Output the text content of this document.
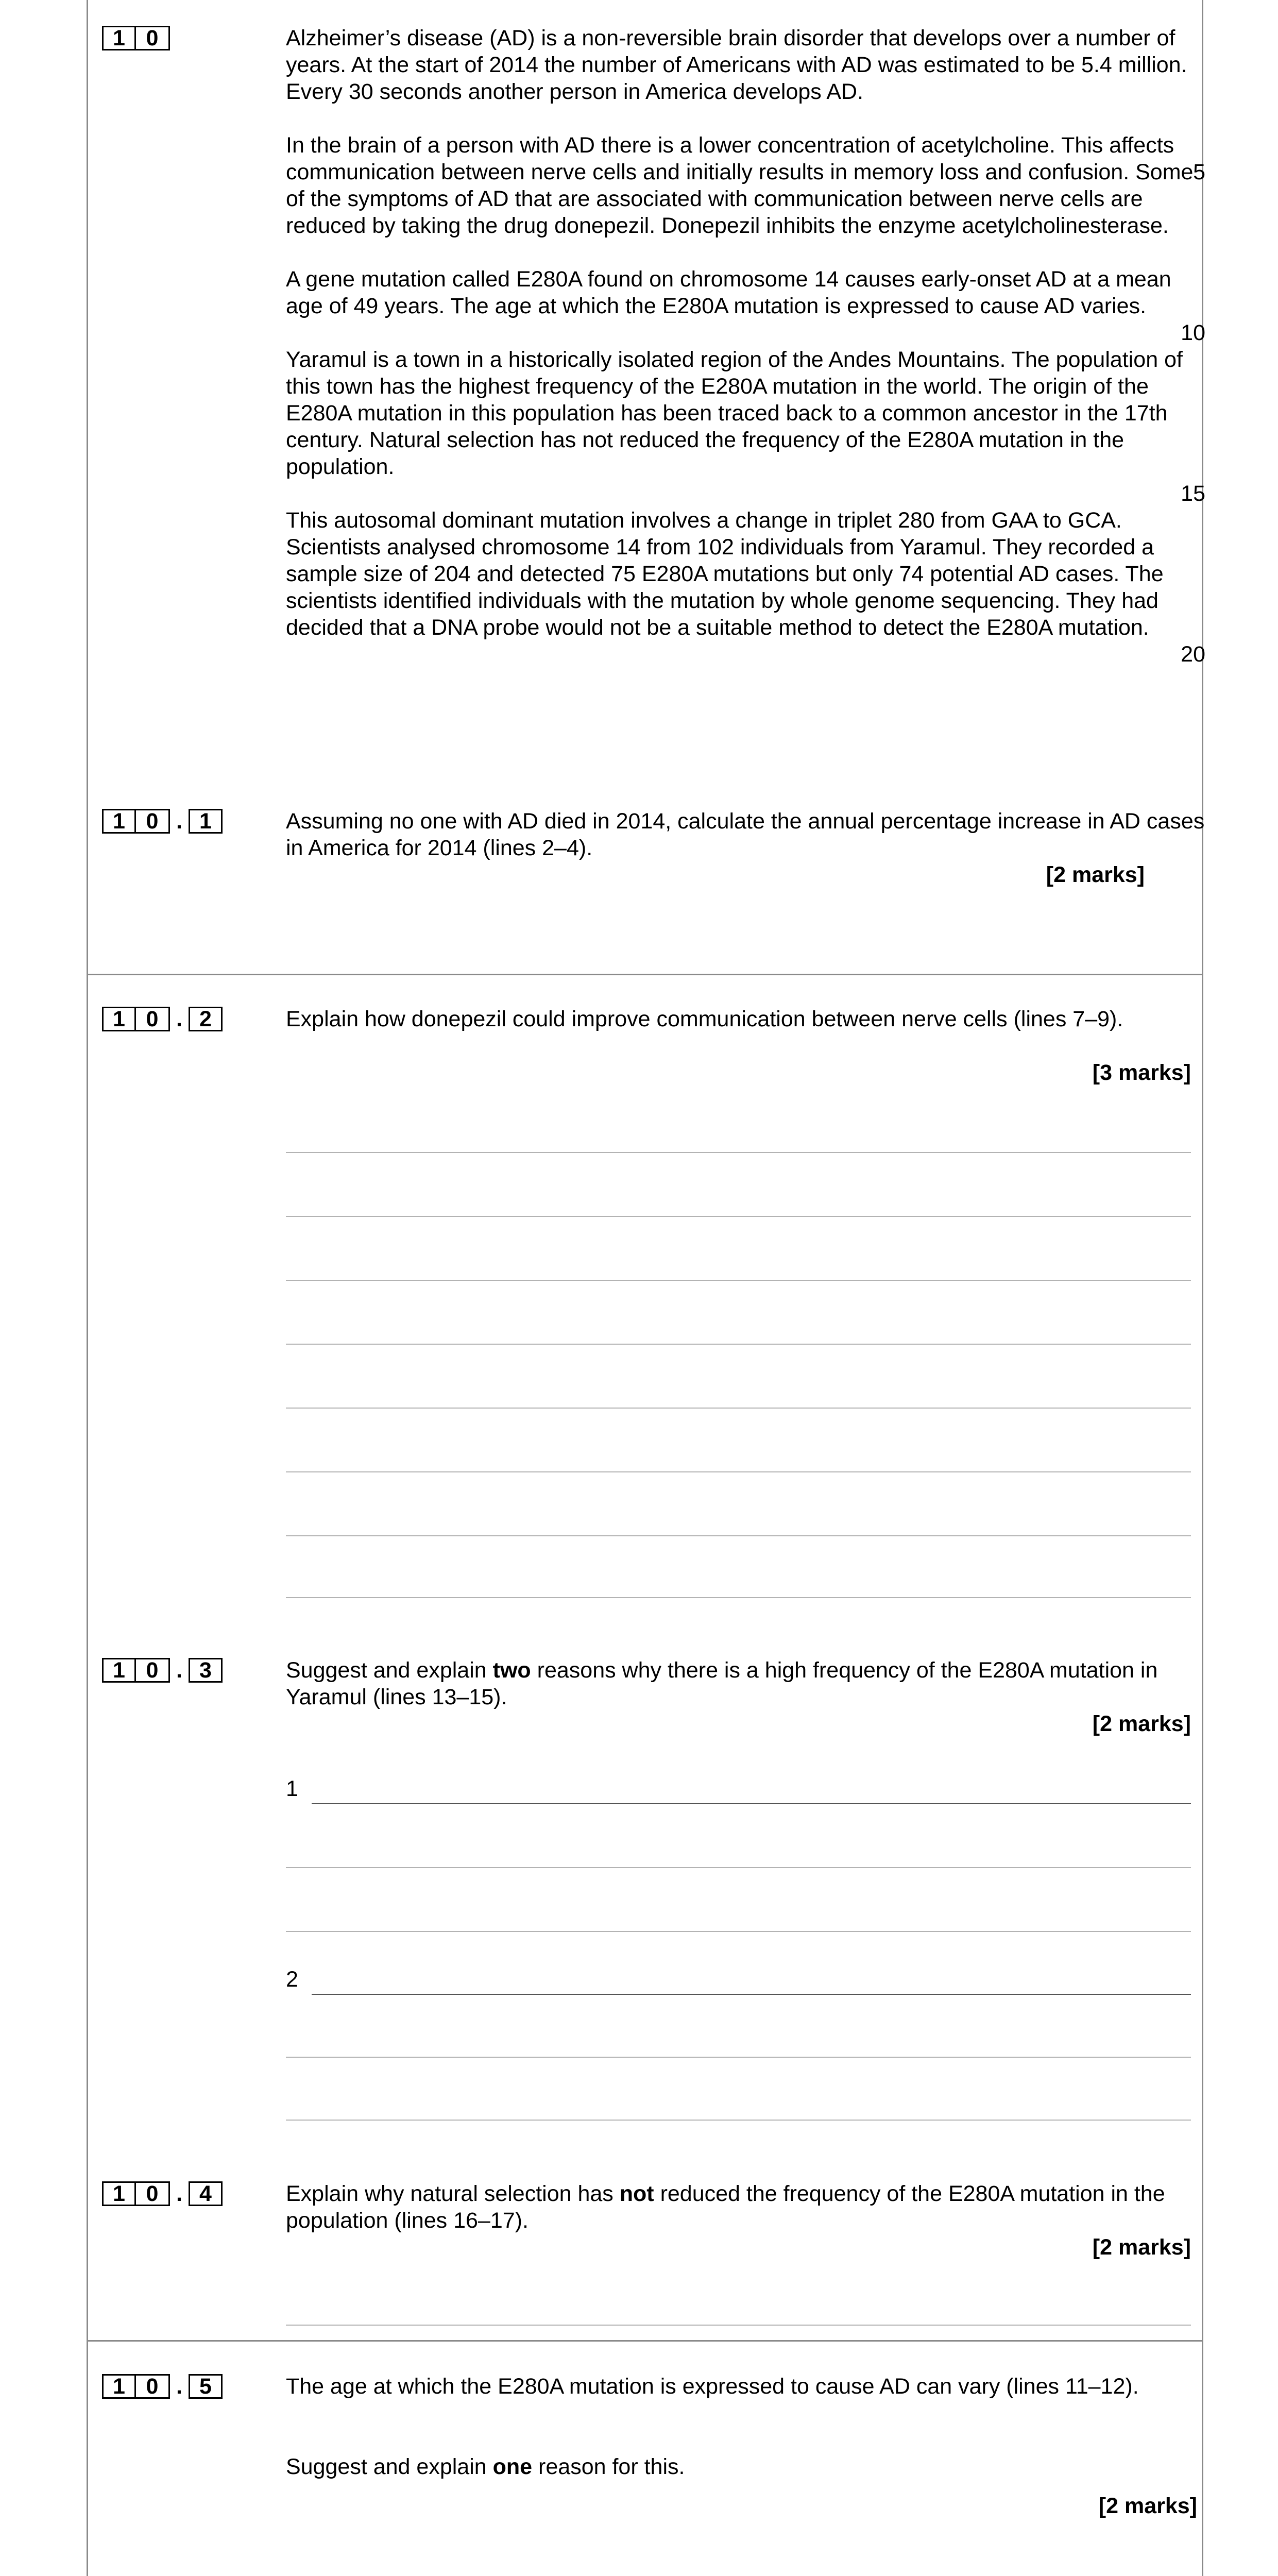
1 0	Alzheimer’s disease (AD) is a non-reversible brain disorder that develops over a number of years. At the start of 2014 the number of Americans with AD was estimated to be 5.4 million. Every 30 seconds another person in America develops AD.

In the brain of a person with AD there is a lower concentration of acetylcholine. This affects communication between nerve cells and initially results in memory loss and confusion. Some of the symptoms of AD that are associated with communication between nerve cells are reduced by taking the drug donepezil. Donepezil inhibits the enzyme acetylcholinesterase.

A gene mutation called E280A found on chromosome 14 causes early-onset AD at a mean age of 49 years. The age at which the E280A mutation is expressed to cause AD varies.

Yaramul is a town in a historically isolated region of the Andes Mountains. The population of this town has the highest frequency of the E280A mutation in the world. The origin of the E280A mutation in this population has been traced back to a common ancestor in the 17th century. Natural selection has not reduced the frequency of the E280A mutation in the population.

This autosomal dominant mutation involves a change in triplet 280 from GAA to GCA. Scientists analysed chromosome 14 from 102 individuals from Yaramul. They recorded a sample size of 204 and detected 75 E280A mutations but only 74 potential AD cases. The scientists identified individuals with the mutation by whole genome sequencing. They had decided that a DNA probe would not be a suitable method to detect the E280A mutation.

5
10
15
20
1 0 . 1	Assuming no one with AD died in 2014, calculate the annual percentage increase in AD cases in America for 2014 (lines 2–4).
[2 marks]
1 0 . 2	Explain how donepezil could improve communication between nerve cells (lines 7–9).
[3 marks]
1 0 . 3	Suggest and explain two reasons why there is a high frequency of the E280A mutation in Yaramul (lines 13–15).
[2 marks]
1
2
1 0 . 4	Explain why natural selection has not reduced the frequency of the E280A mutation in the population (lines 16–17).
[2 marks]
1 0 . 5	The age at which the E280A mutation is expressed to cause AD can vary (lines 11–12).
Suggest and explain one reason for this.
[2 marks]
